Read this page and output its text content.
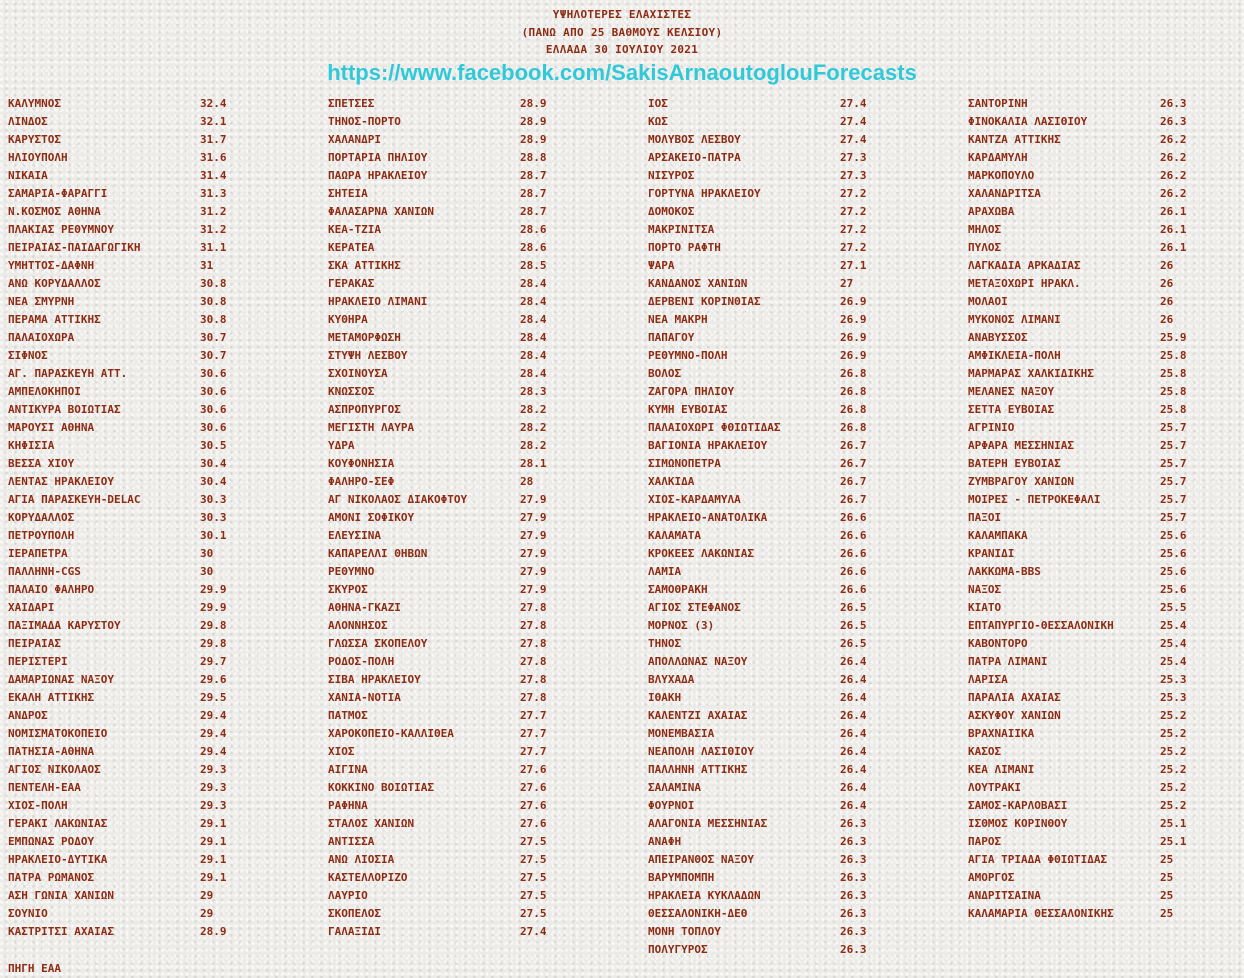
ΥΨΗΛΟΤΕΡΕΣ ΕΛΑΧΙΣΤΕΣ
(ΠΑΝΩ ΑΠΟ 25 ΒΑΘΜΟΥΣ ΚΕΛΣΙΟΥ)
ΕΛΛΑΔΑ 30 ΙΟΥΛΙΟΥ 2021
https://www.facebook.com/SakisArnaoutoglouForecasts
ΚΑΛΥΜΝΟΣ	32.4
ΛΙΝΔΟΣ	32.1
ΚΑΡΥΣΤΟΣ	31.7
ΗΛΙΟΥΠΟΛΗ	31.6
ΝΙΚΑΙΑ	31.4
ΣΑΜΑΡΙΑ-ΦΑΡΑΓΓΙ	31.3
Ν.ΚΟΣΜΟΣ ΑΘΗΝΑ	31.2
ΠΛΑΚΙΑΣ ΡΕΘΥΜΝΟΥ	31.2
ΠΕΙΡΑΙΑΣ-ΠΑΙΔΑΓΩΓΙΚΗ	31.1
ΥΜΗΤΤΟΣ-ΔΑΦΝΗ	31
ΑΝΩ ΚΟΡΥΔΑΛΛΟΣ	30.8
ΝΕΑ ΣΜΥΡΝΗ	30.8
ΠΕΡΑΜΑ ΑΤΤΙΚΗΣ	30.8
ΠΑΛΑΙΟΧΩΡΑ	30.7
ΣΙΦΝΟΣ	30.7
ΑΓ. ΠΑΡΑΣΚΕΥΗ ΑΤΤ.	30.6
ΑΜΠΕΛΟΚΗΠΟΙ	30.6
ΑΝΤΙΚΥΡΑ ΒΟΙΩΤΙΑΣ	30.6
ΜΑΡΟΥΣΙ ΑΘΗΝΑ	30.6
ΚΗΦΙΣΙΑ	30.5
ΒΕΣΣΑ ΧΙΟΥ	30.4
ΛΕΝΤΑΣ ΗΡΑΚΛΕΙΟΥ	30.4
ΑΓΙΑ ΠΑΡΑΣΚΕΥΗ-DELAC	30.3
ΚΟΡΥΔΑΛΛΟΣ	30.3
ΠΕΤΡΟΥΠΟΛΗ	30.1
ΙΕΡΑΠΕΤΡΑ	30
ΠΑΛΛΗΝΗ-CGS	30
ΠΑΛΑΙΟ ΦΑΛΗΡΟ	29.9
ΧΑΙΔΑΡΙ	29.9
ΠΑΞΙΜΑΔΑ ΚΑΡΥΣΤΟΥ	29.8
ΠΕΙΡΑΙΑΣ	29.8
ΠΕΡΙΣΤΕΡΙ	29.7
ΔΑΜΑΡΙΩΝΑΣ ΝΑΞΟΥ	29.6
ΕΚΑΛΗ ΑΤΤΙΚΗΣ	29.5
ΑΝΔΡΟΣ	29.4
ΝΟΜΙΣΜΑΤΟΚΟΠΕΙΟ	29.4
ΠΑΤΗΣΙΑ-ΑΘΗΝΑ	29.4
ΑΓΙΟΣ ΝΙΚΟΛΑΟΣ	29.3
ΠΕΝΤΕΛΗ-ΕΑΑ	29.3
ΧΙΟΣ-ΠΟΛΗ	29.3
ΓΕΡΑΚΙ ΛΑΚΩΝΙΑΣ	29.1
ΕΜΠΩΝΑΣ ΡΟΔΟΥ	29.1
ΗΡΑΚΛΕΙΟ-ΔΥΤΙΚΑ	29.1
ΠΑΤΡΑ ΡΩΜΑΝΟΣ	29.1
ΑΣΗ ΓΩΝΙΑ ΧΑΝΙΩΝ	29
ΣΟΥΝΙΟ	29
ΚΑΣΤΡΙΤΣΙ ΑΧΑΙΑΣ	28.9
ΣΠΕΤΣΕΣ	28.9
ΤΗΝΟΣ-ΠΟΡΤΟ	28.9
ΧΑΛΑΝΔΡΙ	28.9
ΠΟΡΤΑΡΙΑ ΠΗΛΙΟΥ	28.8
ΠΑΩΡΑ ΗΡΑΚΛΕΙΟΥ	28.7
ΣΗΤΕΙΑ	28.7
ΦΑΛΑΣΑΡΝΑ ΧΑΝΙΩΝ	28.7
ΚΕΑ-ΤΖΙΑ	28.6
ΚΕΡΑΤΕΑ	28.6
ΣΚΑ ΑΤΤΙΚΗΣ	28.5
ΓΕΡΑΚΑΣ	28.4
ΗΡΑΚΛΕΙΟ ΛΙΜΑΝΙ	28.4
ΚΥΘΗΡΑ	28.4
ΜΕΤΑΜΟΡΦΩΣΗ	28.4
ΣΤΥΨΗ ΛΕΣΒΟΥ	28.4
ΣΧΟΙΝΟΥΣΑ	28.4
ΚΝΩΣΣΟΣ	28.3
ΑΣΠΡΟΠΥΡΓΟΣ	28.2
ΜΕΓΙΣΤΗ ΛΑΥΡΑ	28.2
ΥΔΡΑ	28.2
ΚΟΥΦΟΝΗΣΙΑ	28.1
ΦΑΛΗΡΟ-ΣΕΦ	28
ΑΓ ΝΙΚΟΛΑΟΣ ΔΙΑΚΟΦΤΟΥ	27.9
ΑΜΟΝΙ ΣΟΦΙΚΟΥ	27.9
ΕΛΕΥΣΙΝΑ	27.9
ΚΑΠΑΡΕΛΛΙ ΘΗΒΩΝ	27.9
ΡΕΘΥΜΝΟ	27.9
ΣΚΥΡΟΣ	27.9
ΑΘΗΝΑ-ΓΚΑΖΙ	27.8
ΑΛΟΝΝΗΣΟΣ	27.8
ΓΛΩΣΣΑ ΣΚΟΠΕΛΟΥ	27.8
ΡΟΔΟΣ-ΠΟΛΗ	27.8
ΣΙΒΑ ΗΡΑΚΛΕΙΟΥ	27.8
ΧΑΝΙΑ-ΝΟΤΙΑ	27.8
ΠΑΤΜΟΣ	27.7
ΧΑΡΟΚΟΠΕΙΟ-ΚΑΛΛΙΘΕΑ	27.7
ΧΙΟΣ	27.7
ΑΙΓΙΝΑ	27.6
ΚΟΚΚΙΝΟ ΒΟΙΩΤΙΑΣ	27.6
ΡΑΦΗΝΑ	27.6
ΣΤΑΛΟΣ ΧΑΝΙΩΝ	27.6
ΑΝΤΙΣΣΑ	27.5
ΑΝΩ ΛΙΟΣΙΑ	27.5
ΚΑΣΤΕΛΛΟΡΙΖΟ	27.5
ΛΑΥΡΙΟ	27.5
ΣΚΟΠΕΛΟΣ	27.5
ΓΑΛΑΞΙΔΙ	27.4
ΙΟΣ	27.4
ΚΩΣ	27.4
ΜΟΛΥΒΟΣ ΛΕΣΒΟΥ	27.4
ΑΡΣΑΚΕΙΟ-ΠΑΤΡΑ	27.3
ΝΙΣΥΡΟΣ	27.3
ΓΟΡΤΥΝΑ ΗΡΑΚΛΕΙΟΥ	27.2
ΔΟΜΟΚΟΣ	27.2
ΜΑΚΡΙΝΙΤΣΑ	27.2
ΠΟΡΤΟ ΡΑΦΤΗ	27.2
ΨΑΡΑ	27.1
ΚΑΝΔΑΝΟΣ ΧΑΝΙΩΝ	27
ΔΕΡΒΕΝΙ ΚΟΡΙΝΘΙΑΣ	26.9
ΝΕΑ ΜΑΚΡΗ	26.9
ΠΑΠΑΓΟΥ	26.9
ΡΕΘΥΜΝΟ-ΠΟΛΗ	26.9
ΒΟΛΟΣ	26.8
ΖΑΓΟΡΑ ΠΗΛΙΟΥ	26.8
ΚΥΜΗ ΕΥΒΟΙΑΣ	26.8
ΠΑΛΑΙΟΧΩΡΙ ΦΘΙΩΤΙΔΑΣ	26.8
ΒΑΓΙΟΝΙΑ ΗΡΑΚΛΕΙΟΥ	26.7
ΣΙΜΩΝΟΠΕΤΡΑ	26.7
ΧΑΛΚΙΔΑ	26.7
ΧΙΟΣ-ΚΑΡΔΑΜΥΛΑ	26.7
ΗΡΑΚΛΕΙΟ-ΑΝΑΤΟΛΙΚΑ	26.6
ΚΑΛΑΜΑΤΑ	26.6
ΚΡΟΚΕΕΣ ΛΑΚΩΝΙΑΣ	26.6
ΛΑΜΙΑ	26.6
ΣΑΜΟΘΡΑΚΗ	26.6
ΑΓΙΟΣ ΣΤΕΦΑΝΟΣ	26.5
ΜΟΡΝΟΣ (3)	26.5
ΤΗΝΟΣ	26.5
ΑΠΟΛΛΩΝΑΣ ΝΑΞΟΥ	26.4
ΒΛΥΧΑΔΑ	26.4
ΙΘΑΚΗ	26.4
ΚΑΛΕΝΤΖΙ ΑΧΑΙΑΣ	26.4
ΜΟΝΕΜΒΑΣΙΑ	26.4
ΝΕΑΠΟΛΗ ΛΑΣΙΘΙΟΥ	26.4
ΠΑΛΛΗΝΗ ΑΤΤΙΚΗΣ	26.4
ΣΑΛΑΜΙΝΑ	26.4
ΦΟΥΡΝΟΙ	26.4
ΑΛΑΓΟΝΙΑ ΜΕΣΣΗΝΙΑΣ	26.3
ΑΝΑΦΗ	26.3
ΑΠΕΙΡΑΝΘΟΣ ΝΑΞΟΥ	26.3
ΒΑΡΥΜΠΟΜΠΗ	26.3
ΗΡΑΚΛΕΙΑ ΚΥΚΛΑΔΩΝ	26.3
ΘΕΣΣΑΛΟΝΙΚΗ-ΔΕΘ	26.3
ΜΟΝΗ ΤΟΠΛΟΥ	26.3
ΠΟΛΥΓΥΡΟΣ	26.3
ΣΑΝΤΟΡΙΝΗ	26.3
ΦΙΝΟΚΑΛΙΑ ΛΑΣΙΘΙΟΥ	26.3
ΚΑΝΤΖΑ ΑΤΤΙΚΗΣ	26.2
ΚΑΡΔΑΜΥΛΗ	26.2
ΜΑΡΚΟΠΟΥΛΟ	26.2
ΧΑΛΑΝΔΡΙΤΣΑ	26.2
ΑΡΑΧΩΒΑ	26.1
ΜΗΛΟΣ	26.1
ΠΥΛΟΣ	26.1
ΛΑΓΚΑΔΙΑ ΑΡΚΑΔΙΑΣ	26
ΜΕΤΑΞΟΧΩΡΙ ΗΡΑΚΛ.	26
ΜΟΛΑΟΙ	26
ΜΥΚΟΝΟΣ ΛΙΜΑΝΙ	26
ΑΝΑΒΥΣΣΟΣ	25.9
ΑΜΦΙΚΛΕΙΑ-ΠΟΛΗ	25.8
ΜΑΡΜΑΡΑΣ ΧΑΛΚΙΔΙΚΗΣ	25.8
ΜΕΛΑΝΕΣ ΝΑΞΟΥ	25.8
ΣΕΤΤΑ ΕΥΒΟΙΑΣ	25.8
ΑΓΡΙΝΙΟ	25.7
ΑΡΦΑΡΑ ΜΕΣΣΗΝΙΑΣ	25.7
ΒΑΤΕΡΗ ΕΥΒΟΙΑΣ	25.7
ΖΥΜΒΡΑΓΟΥ ΧΑΝΙΩΝ	25.7
ΜΟΙΡΕΣ - ΠΕΤΡΟΚΕΦΑΛΙ	25.7
ΠΑΞΟΙ	25.7
ΚΑΛΑΜΠΑΚΑ	25.6
ΚΡΑΝΙΔΙ	25.6
ΛΑΚΚΩΜΑ-BBS	25.6
ΝΑΞΟΣ	25.6
ΚΙΑΤΟ	25.5
ΕΠΤΑΠΥΡΓΙΟ-ΘΕΣΣΑΛΟΝΙΚΗ	25.4
ΚΑΒΟΝΤΟΡΟ	25.4
ΠΑΤΡΑ ΛΙΜΑΝΙ	25.4
ΛΑΡΙΣΑ	25.3
ΠΑΡΑΛΙΑ ΑΧΑΙΑΣ	25.3
ΑΣΚΥΦΟΥ ΧΑΝΙΩΝ	25.2
ΒΡΑΧΝΑΙΙΚΑ	25.2
ΚΑΣΟΣ	25.2
ΚΕΑ ΛΙΜΑΝΙ	25.2
ΛΟΥΤΡΑΚΙ	25.2
ΣΑΜΟΣ-ΚΑΡΛΟΒΑΣΙ	25.2
ΙΣΘΜΟΣ ΚΟΡΙΝΘΟΥ	25.1
ΠΑΡΟΣ	25.1
ΑΓΙΑ ΤΡΙΑΔΑ ΦΘΙΩΤΙΔΑΣ	25
ΑΜΟΡΓΟΣ	25
ΑΝΔΡΙΤΣΑΙΝΑ	25
ΚΑΛΑΜΑΡΙΑ ΘΕΣΣΑΛΟΝΙΚΗΣ	25
ΠΗΓΗ ΕΑΑ
